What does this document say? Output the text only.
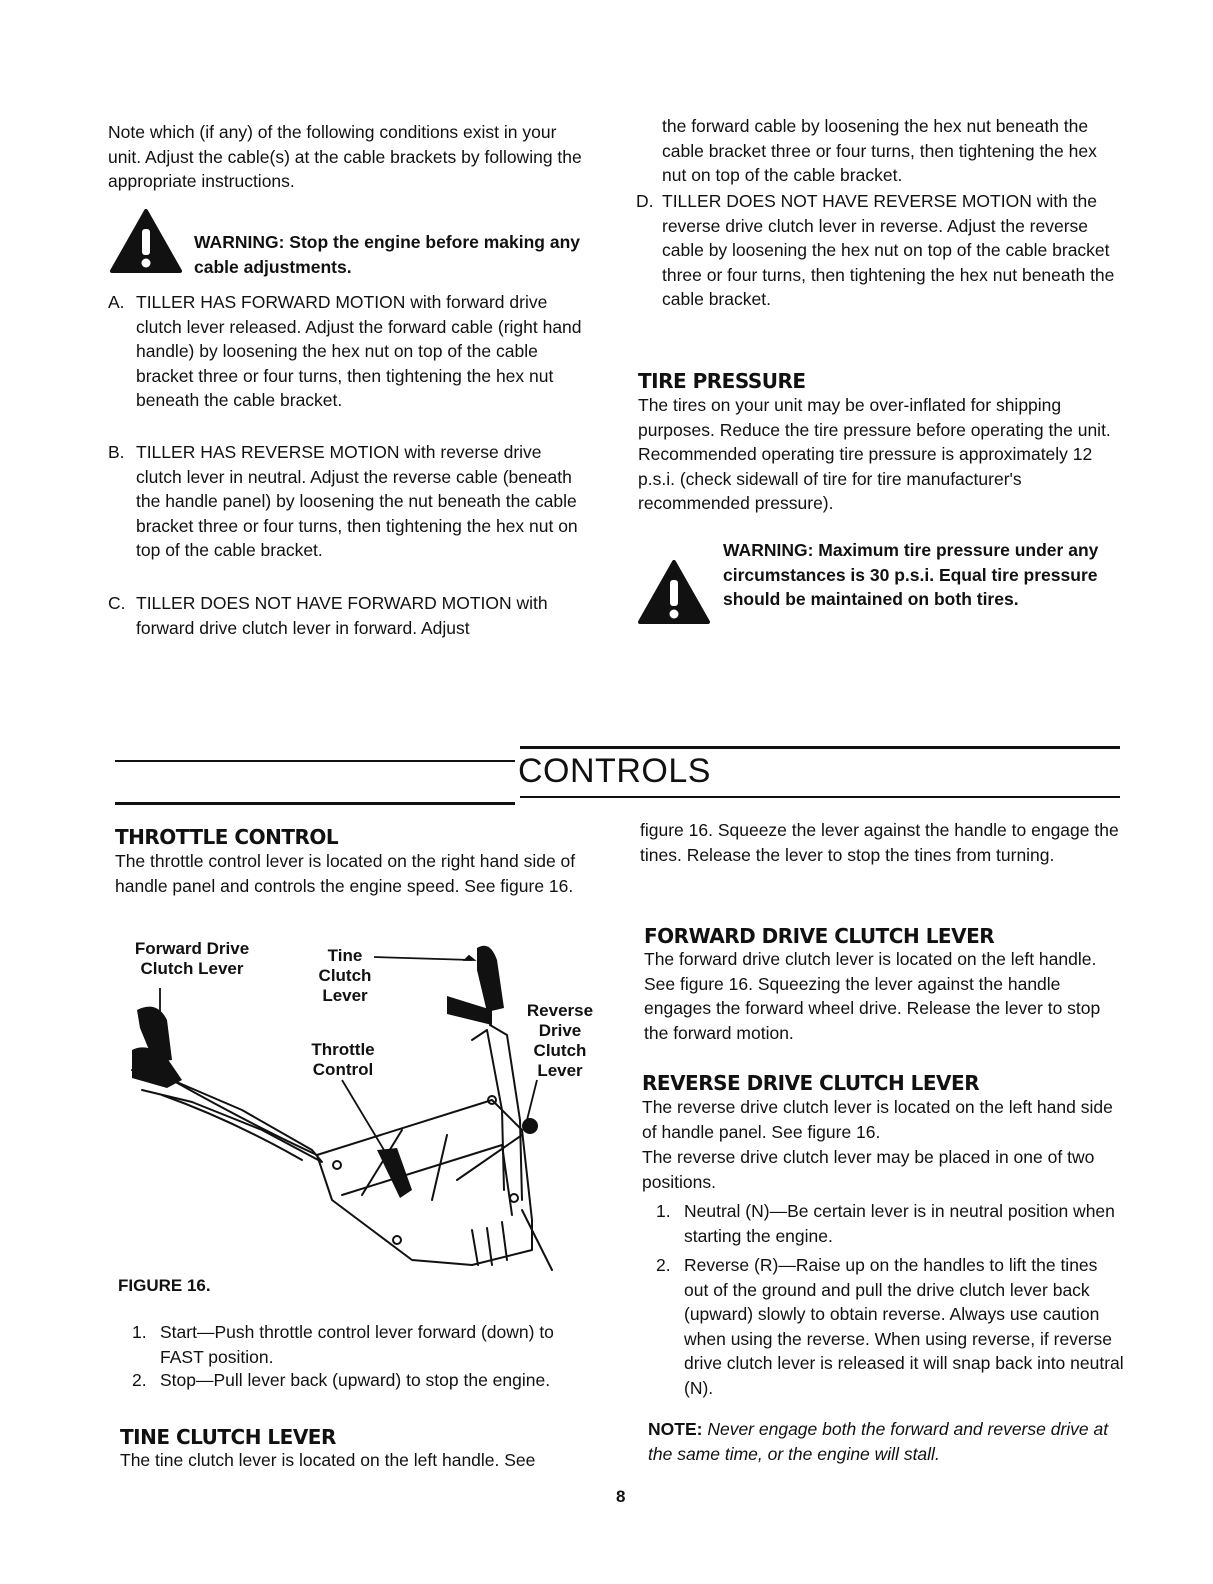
Note which (if any) of the following conditions exist in your unit. Adjust the cable(s) at the cable brackets by following the appropriate instructions.

WARNING: Stop the engine before making any cable adjustments.

A. TILLER HAS FORWARD MOTION with forward drive clutch lever released. Adjust the forward cable (right hand handle) by loosening the hex nut on top of the cable bracket three or four turns, then tightening the hex nut beneath the cable bracket.
B. TILLER HAS REVERSE MOTION with reverse drive clutch lever in neutral. Adjust the reverse cable (beneath the handle panel) by loosening the nut beneath the cable bracket three or four turns, then tightening the hex nut on top of the cable bracket.
C. TILLER DOES NOT HAVE FORWARD MOTION with forward drive clutch lever in forward. Adjust

the forward cable by loosening the hex nut beneath the cable bracket three or four turns, then tightening the hex nut on top of the cable bracket.

D. TILLER DOES NOT HAVE REVERSE MOTION with the reverse drive clutch lever in reverse. Adjust the reverse cable by loosening the hex nut on top of the cable bracket three or four turns, then tightening the hex nut beneath the cable bracket.
TIRE PRESSURE

The tires on your unit may be over-inflated for shipping purposes. Reduce the tire pressure before operating the unit. Recommended operating tire pressure is approximately 12 p.s.i. (check sidewall of tire for tire manufacturer's recommended pressure).

WARNING: Maximum tire pressure under any circumstances is 30 p.s.i. Equal tire pressure should be maintained on both tires.

CONTROLS
THROTTLE CONTROL

The throttle control lever is located on the right hand side of handle panel and controls the engine speed. See figure 16.

Forward Drive
Clutch Lever
Tine
Clutch
Lever
Throttle
Control
Reverse
Drive
Clutch
Lever
FIGURE 16.
1. Start—Push throttle control lever forward (down) to FAST position.
2. Stop—Pull lever back (upward) to stop the engine.
TINE CLUTCH LEVER

The tine clutch lever is located on the left handle. See

figure 16. Squeeze the lever against the handle to engage the tines. Release the lever to stop the tines from turning.

FORWARD DRIVE CLUTCH LEVER

The forward drive clutch lever is located on the left handle. See figure 16. Squeezing the lever against the handle engages the forward wheel drive. Release the lever to stop the forward motion.

REVERSE DRIVE CLUTCH LEVER

The reverse drive clutch lever is located on the left hand side of handle panel. See figure 16.

The reverse drive clutch lever may be placed in one of two positions.

1. Neutral (N)—Be certain lever is in neutral position when starting the engine.
2. Reverse (R)—Raise up on the handles to lift the tines out of the ground and pull the drive clutch lever back (upward) slowly to obtain reverse. Always use caution when using the reverse. When using reverse, if reverse drive clutch lever is released it will snap back into neutral (N).

NOTE: Never engage both the forward and reverse drive at the same time, or the engine will stall.

8
